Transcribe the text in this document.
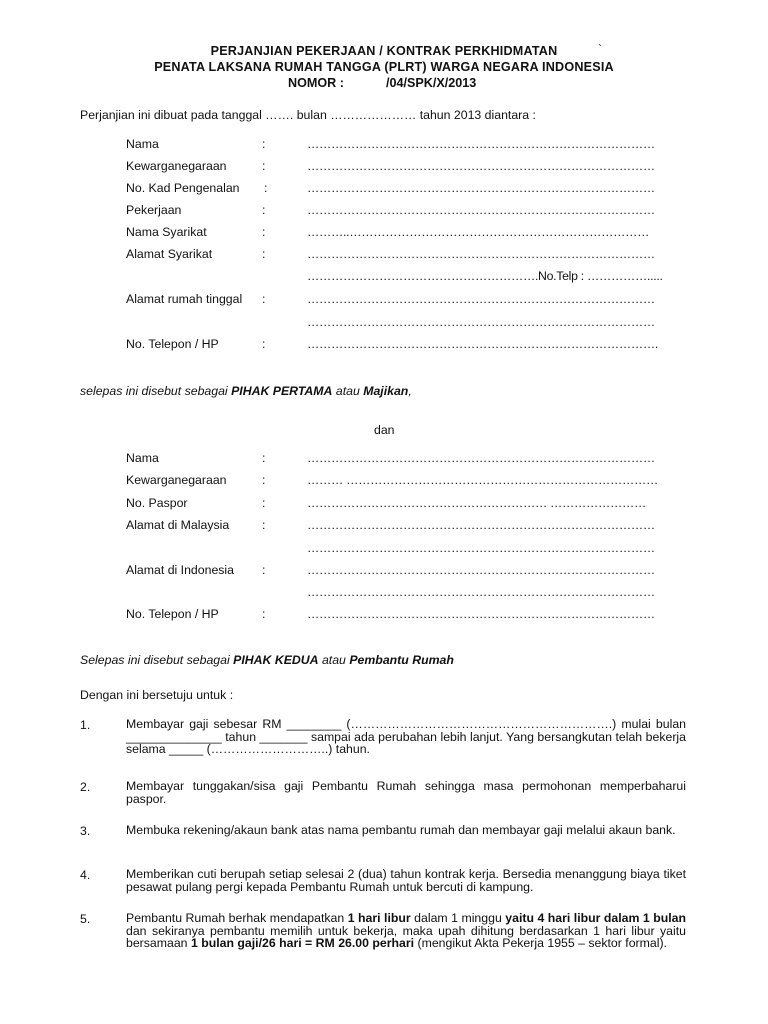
PERJANJIAN PEKERJAAN / KONTRAK PERKHIDMATAN	`
PENATA LAKSANA RUMAH TANGGA (PLRT) WARGA NEGARA INDONESIA
NOMOR :	/04/SPK/X/2013
Perjanjian ini dibuat pada tanggal ……. bulan ………………… tahun 2013 diantara :
Nama	:	……………………………………………………………………………
Kewarganegaraan	:	……………………………………………………………………………
No. Kad Pengenalan :	……………………………………………………………………………
Pekerjaan	:	……………………………………………………………………………
Nama Syarikat	:	………..…………………………………………………………………
Alamat Syarikat	:	……………………………………………………………………………
………………………………………………….No.Telp : …………….....
Alamat rumah tinggal :	……………………………………………………………………………
……………………………………………………………………………
No. Telepon / HP	:	…………………………………………………………………………….
selepas ini disebut sebagai PIHAK PERTAMA atau Majikan,
dan
Nama	:	……………………………………………………………………………
Kewarganegaraan	:	……… ……………………………………………………………………
No. Paspor	:	…………………………………………………… ……………………
Alamat di Malaysia	:	……………………………………………………………………………
……………………………………………………………………………
Alamat di Indonesia :	……………………………………………………………………………
……………………………………………………………………………
No. Telepon / HP	:	……………………………………………………………………………
Selepas ini disebut sebagai PIHAK KEDUA atau Pembantu Rumah
Dengan ini bersetuju untuk :
1.	Membayar gaji sebesar RM ________ (……………………………………………………….) mulai bulan ______________ tahun _______ sampai ada perubahan lebih lanjut. Yang bersangkutan telah bekerja selama _____ (………………………..) tahun.
2.	Membayar tunggakan/sisa gaji Pembantu Rumah sehingga masa permohonan memperbaharui paspor.
3.	Membuka rekening/akaun bank atas nama pembantu rumah dan membayar gaji melalui akaun bank.
4.	Memberikan cuti berupah setiap selesai 2 (dua) tahun kontrak kerja. Bersedia menanggung biaya tiket pesawat pulang pergi kepada Pembantu Rumah untuk bercuti di kampung.
5.	Pembantu Rumah berhak mendapatkan 1 hari libur dalam 1 minggu yaitu 4 hari libur dalam 1 bulan dan sekiranya pembantu memilih untuk bekerja, maka upah dihitung berdasarkan 1 hari libur yaitu bersamaan 1 bulan gaji/26 hari = RM 26.00 perhari (mengikut Akta Pekerja 1955 – sektor formal).
